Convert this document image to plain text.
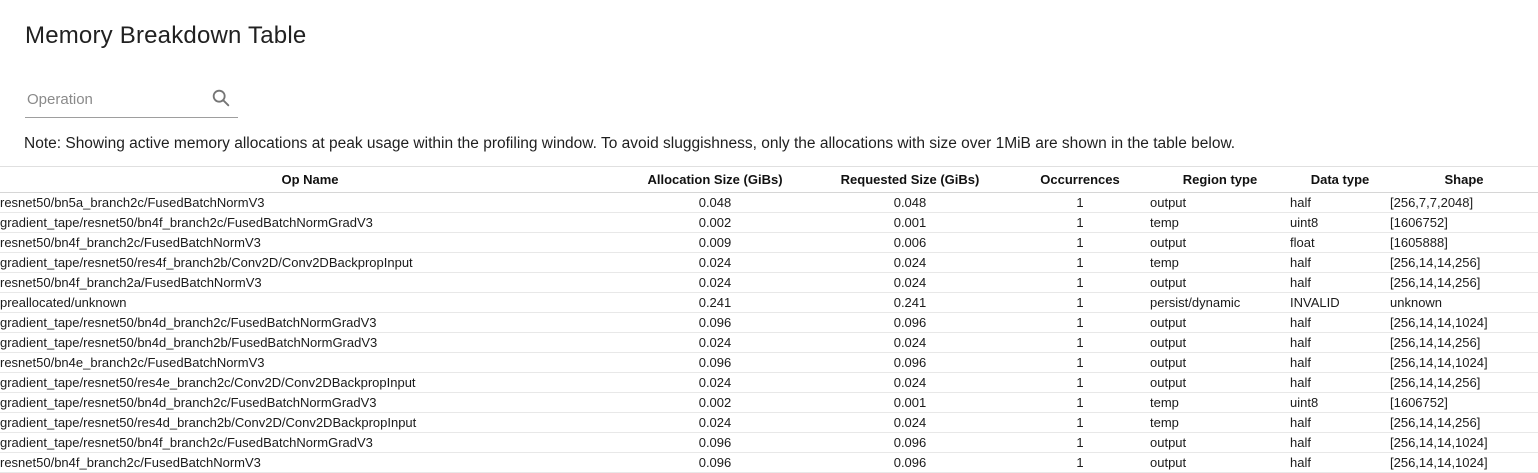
Memory Breakdown Table
Operation
Note: Showing active memory allocations at peak usage within the profiling window. To avoid sluggishness, only the allocations with size over 1MiB are shown in the table below.
Op Name	Allocation Size (GiBs)	Requested Size (GiBs)	Occurrences	Region type	Data type	Shape
resnet50/bn5a_branch2c/FusedBatchNormV3	0.048	0.048	1	output	half	[256,7,7,2048]
gradient_tape/resnet50/bn4f_branch2c/FusedBatchNormGradV3	0.002	0.001	1	temp	uint8	[1606752]
resnet50/bn4f_branch2c/FusedBatchNormV3	0.009	0.006	1	output	float	[1605888]
gradient_tape/resnet50/res4f_branch2b/Conv2D/Conv2DBackpropInput	0.024	0.024	1	temp	half	[256,14,14,256]
resnet50/bn4f_branch2a/FusedBatchNormV3	0.024	0.024	1	output	half	[256,14,14,256]
preallocated/unknown	0.241	0.241	1	persist/dynamic	INVALID	unknown
gradient_tape/resnet50/bn4d_branch2c/FusedBatchNormGradV3	0.096	0.096	1	output	half	[256,14,14,1024]
gradient_tape/resnet50/bn4d_branch2b/FusedBatchNormGradV3	0.024	0.024	1	output	half	[256,14,14,256]
resnet50/bn4e_branch2c/FusedBatchNormV3	0.096	0.096	1	output	half	[256,14,14,1024]
gradient_tape/resnet50/res4e_branch2c/Conv2D/Conv2DBackpropInput	0.024	0.024	1	output	half	[256,14,14,256]
gradient_tape/resnet50/bn4d_branch2c/FusedBatchNormGradV3	0.002	0.001	1	temp	uint8	[1606752]
gradient_tape/resnet50/res4d_branch2b/Conv2D/Conv2DBackpropInput	0.024	0.024	1	temp	half	[256,14,14,256]
gradient_tape/resnet50/bn4f_branch2c/FusedBatchNormGradV3	0.096	0.096	1	output	half	[256,14,14,1024]
resnet50/bn4f_branch2c/FusedBatchNormV3	0.096	0.096	1	output	half	[256,14,14,1024]
